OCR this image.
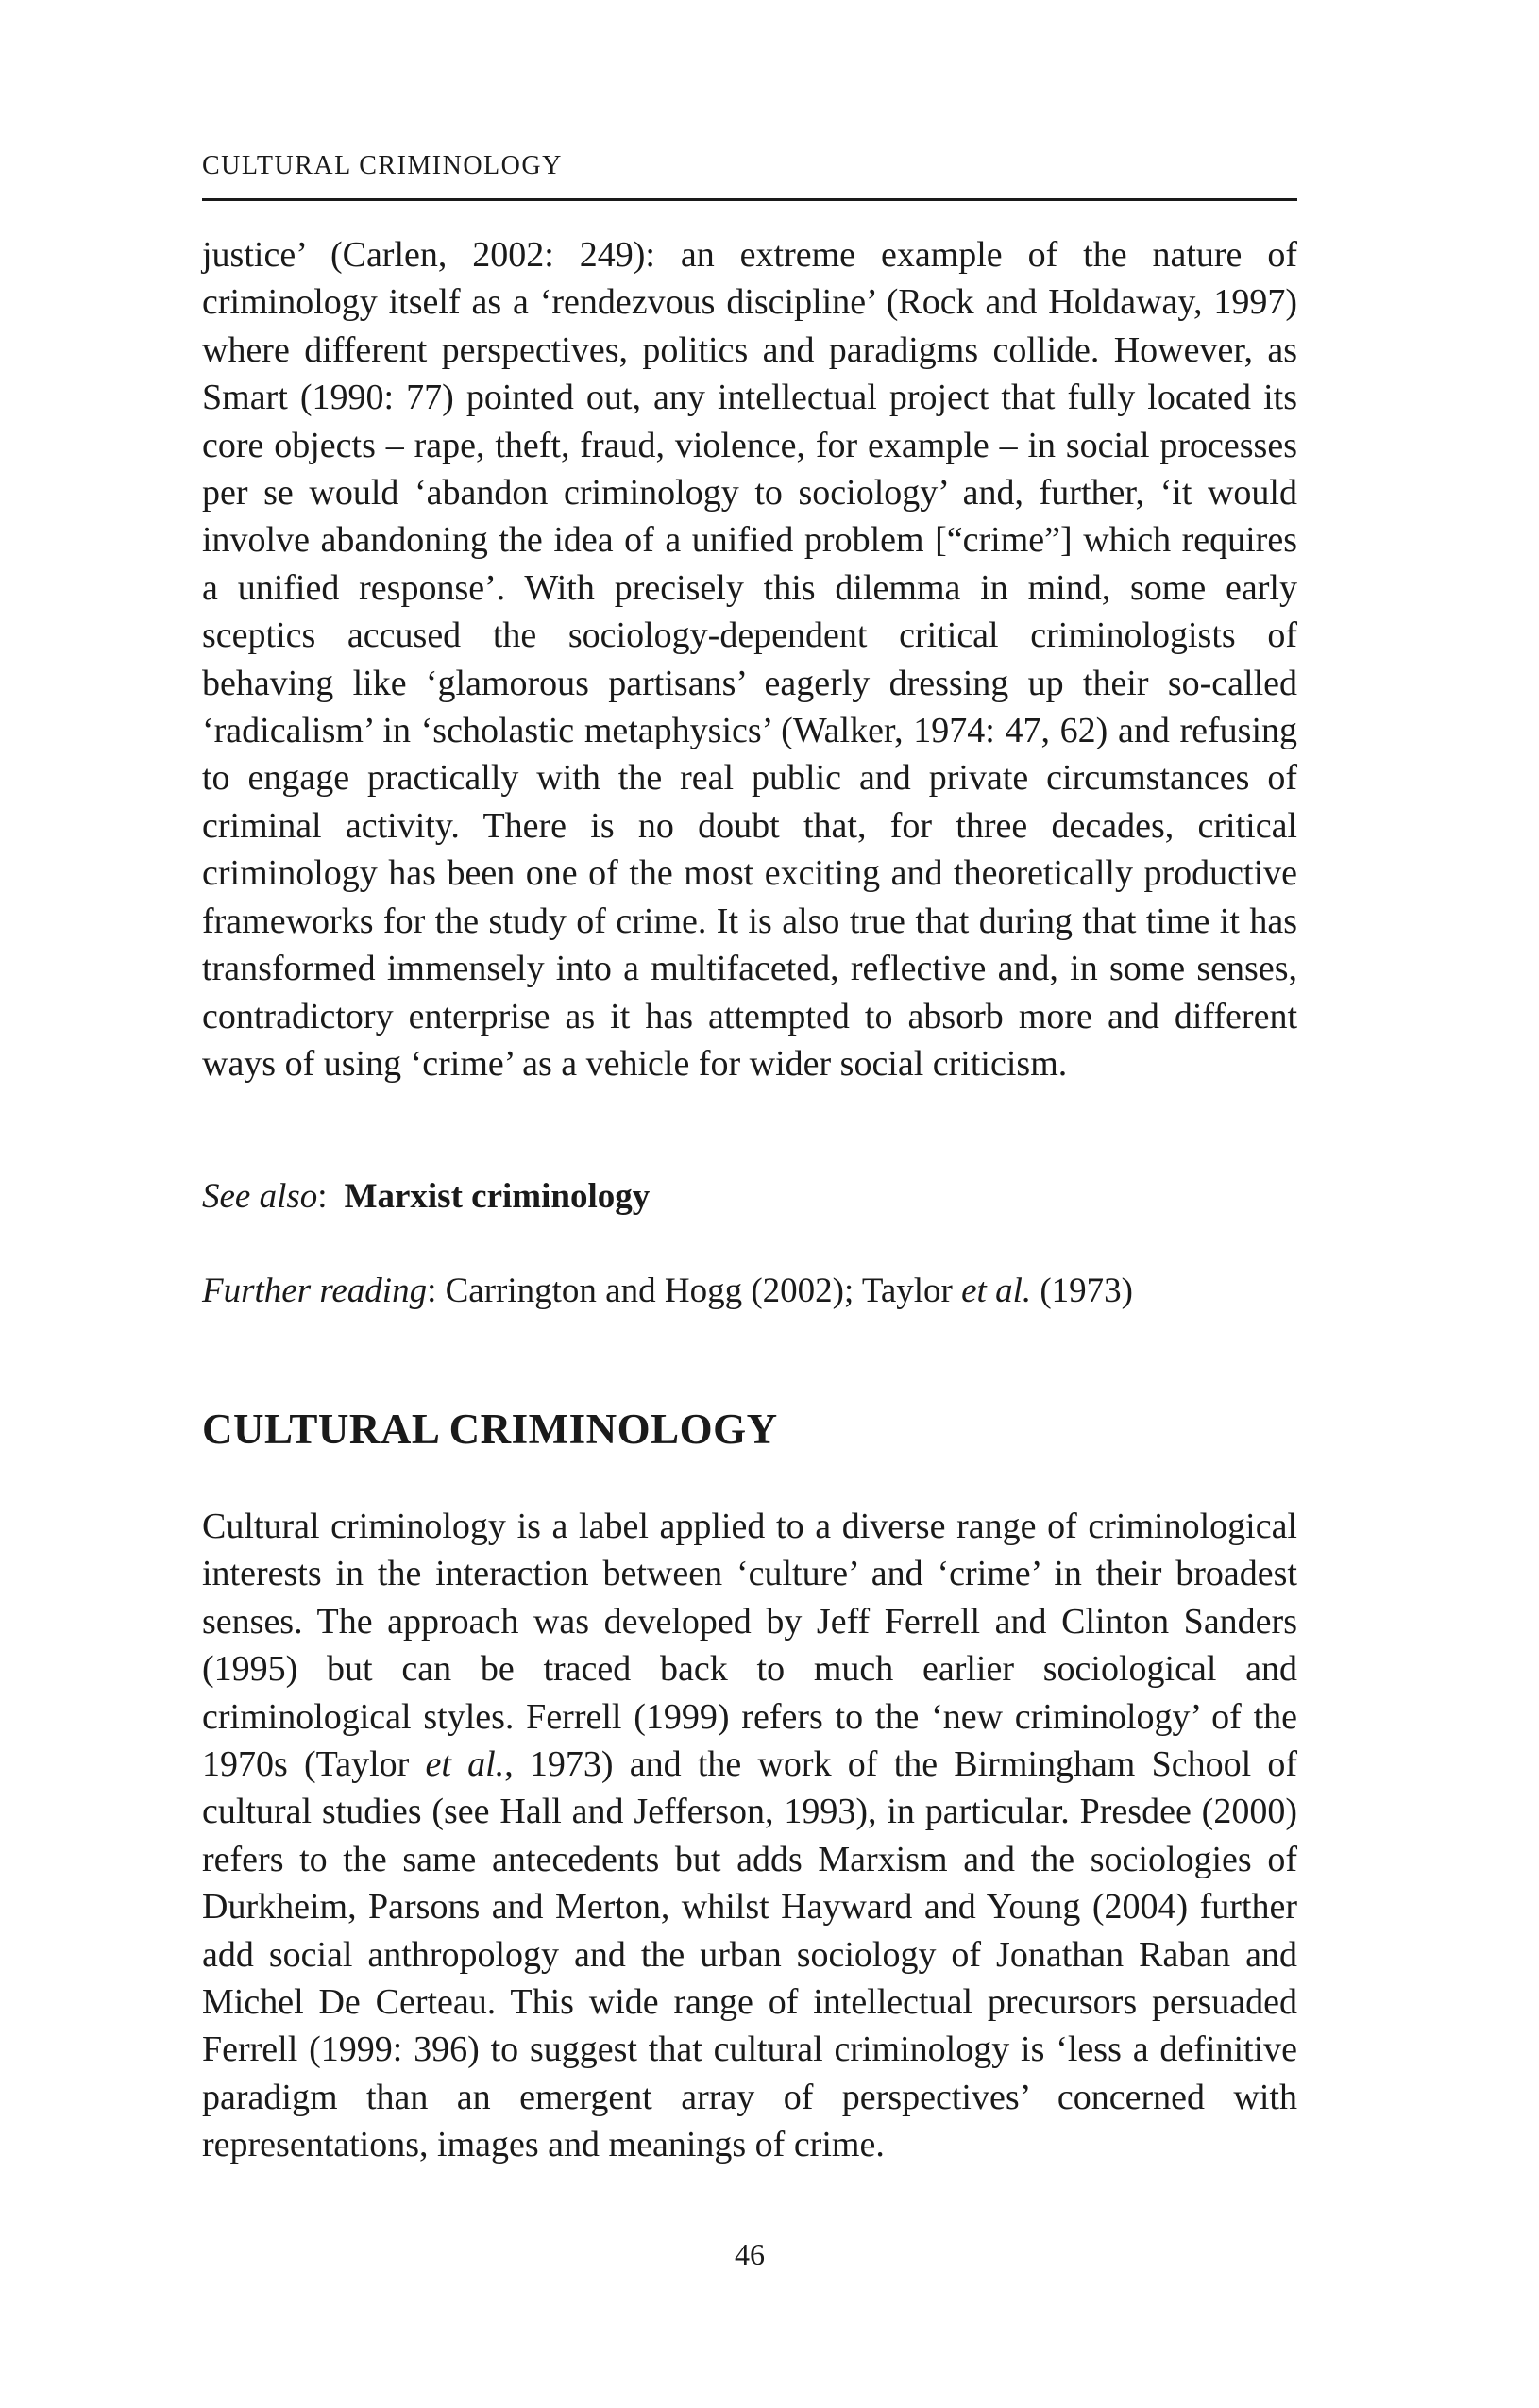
CULTURAL CRIMINOLOGY

justice’ (Carlen, 2002: 249): an extreme example of the nature of criminology itself as a ‘rendezvous discipline’ (Rock and Holdaway, 1997) where different perspectives, politics and paradigms collide. However, as Smart (1990: 77) pointed out, any intellectual project that fully located its core objects – rape, theft, fraud, violence, for example – in social processes per se would ‘abandon criminology to sociology’ and, further, ‘it would involve abandoning the idea of a unified problem [“crime”] which requires a unified response’. With precisely this dilemma in mind, some early sceptics accused the sociology-dependent critical criminologists of behaving like ‘glamorous partisans’ eagerly dressing up their so-called ‘radicalism’ in ‘scholastic metaphysics’ (Walker, 1974: 47, 62) and refusing to engage practically with the real public and private circumstances of criminal activity. There is no doubt that, for three decades, critical criminology has been one of the most exciting and theoretically productive frameworks for the study of crime. It is also true that during that time it has transformed immensely into a multifaceted, reflective and, in some senses, contradictory enterprise as it has attempted to absorb more and different ways of using ‘crime’ as a vehicle for wider social criticism.

See also: Marxist criminology

Further reading: Carrington and Hogg (2002); Taylor et al. (1973)

CULTURAL CRIMINOLOGY

Cultural criminology is a label applied to a diverse range of criminological interests in the interaction between ‘culture’ and ‘crime’ in their broadest senses. The approach was developed by Jeff Ferrell and Clinton Sanders (1995) but can be traced back to much earlier sociological and criminological styles. Ferrell (1999) refers to the ‘new criminology’ of the 1970s (Taylor et al., 1973) and the work of the Birmingham School of cultural studies (see Hall and Jefferson, 1993), in particular. Presdee (2000) refers to the same antecedents but adds Marxism and the sociologies of Durkheim, Parsons and Merton, whilst Hayward and Young (2004) further add social anthropology and the urban sociology of Jonathan Raban and Michel De Certeau. This wide range of intellectual precursors persuaded Ferrell (1999: 396) to suggest that cultural criminology is ‘less a definitive paradigm than an emergent array of perspectives’ concerned with representations, images and meanings of crime.

46
